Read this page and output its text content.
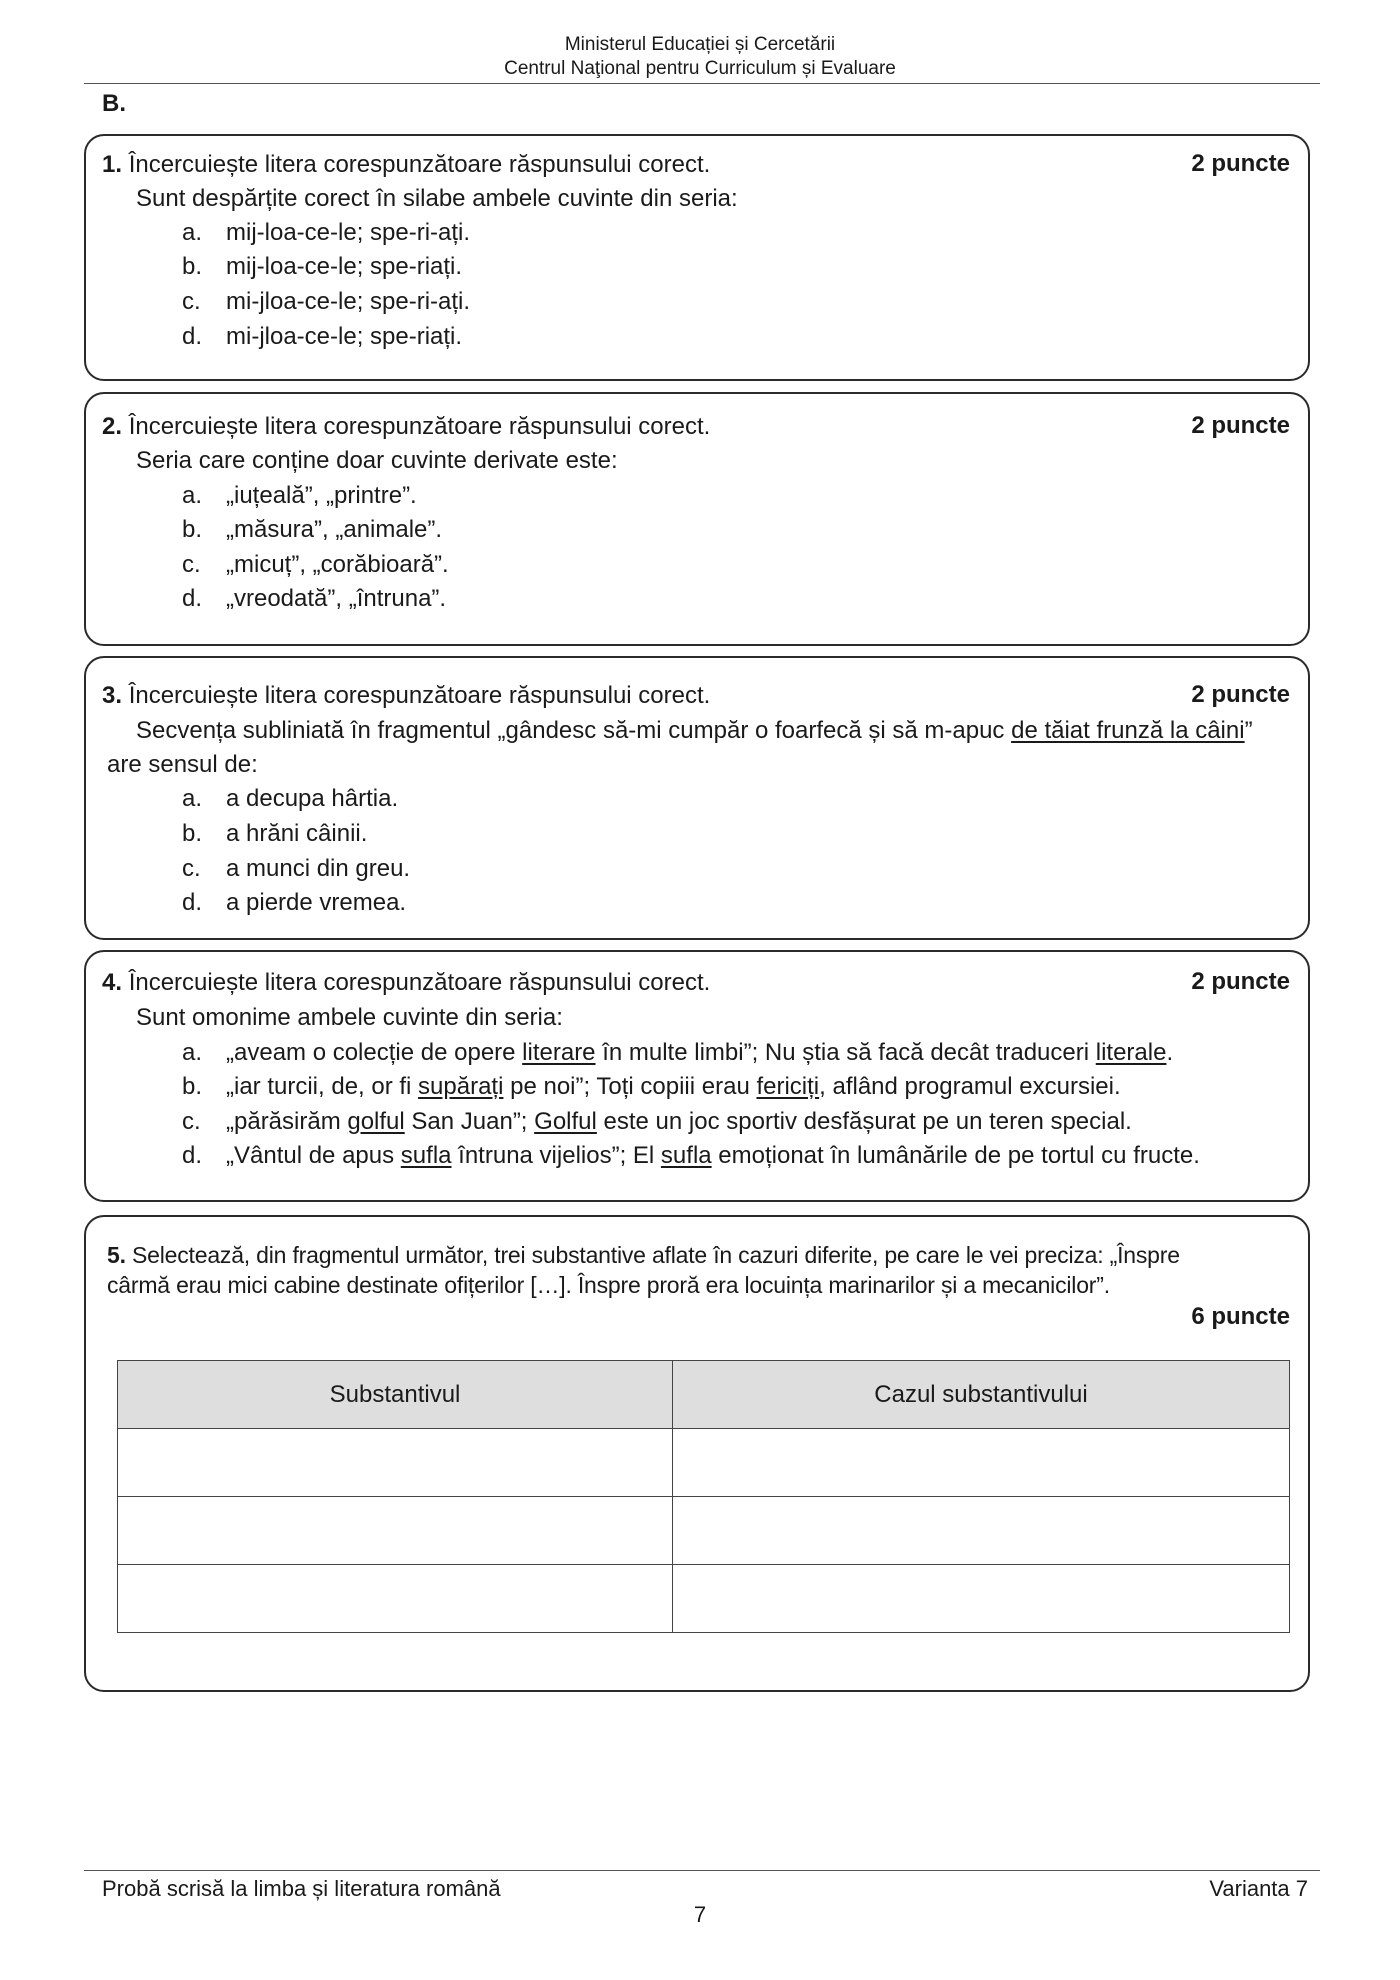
Ministerul Educației și Cercetării
Centrul Naţional pentru Curriculum și Evaluare
B.
1. Încercuiește litera corespunzătoare răspunsului corect.	2 puncte
Sunt despărțite corect în silabe ambele cuvinte din seria:
a. mij-loa-ce-le; spe-ri-ați.
b. mij-loa-ce-le; spe-riați.
c. mi-jloa-ce-le; spe-ri-ați.
d. mi-jloa-ce-le; spe-riați.
2. Încercuiește litera corespunzătoare răspunsului corect.	2 puncte
Seria care conține doar cuvinte derivate este:
a. „iuțeală”, „printre”.
b. „măsura”, „animale”.
c. „micuț”, „corăbioară”.
d. „vreodată”, „întruna”.
3. Încercuiește litera corespunzătoare răspunsului corect.	2 puncte
Secvența subliniată în fragmentul „gândesc să-mi cumpăr o foarfecă și să m-apuc de tăiat frunză la câini”
are sensul de:
a. a decupa hârtia.
b. a hrăni câinii.
c. a munci din greu.
d. a pierde vremea.
4. Încercuiește litera corespunzătoare răspunsului corect.	2 puncte
Sunt omonime ambele cuvinte din seria:
a. „aveam o colecție de opere literare în multe limbi”; Nu știa să facă decât traduceri literale.
b. „iar turcii, de, or fi supărați pe noi”; Toți copiii erau fericiți, aflând programul excursiei.
c. „părăsirăm golful San Juan”; Golful este un joc sportiv desfășurat pe un teren special.
d. „Vântul de apus sufla întruna vijelios”; El sufla emoționat în lumânările de pe tortul cu fructe.
5. Selectează, din fragmentul următor, trei substantive aflate în cazuri diferite, pe care le vei preciza: „Înspre
cârmă erau mici cabine destinate ofițerilor […]. Înspre proră era locuința marinarilor și a mecanicilor”.
6 puncte
Substantivul	Cazul substantivului

Probă scrisă la limba și literatura română	Varianta 7
7
